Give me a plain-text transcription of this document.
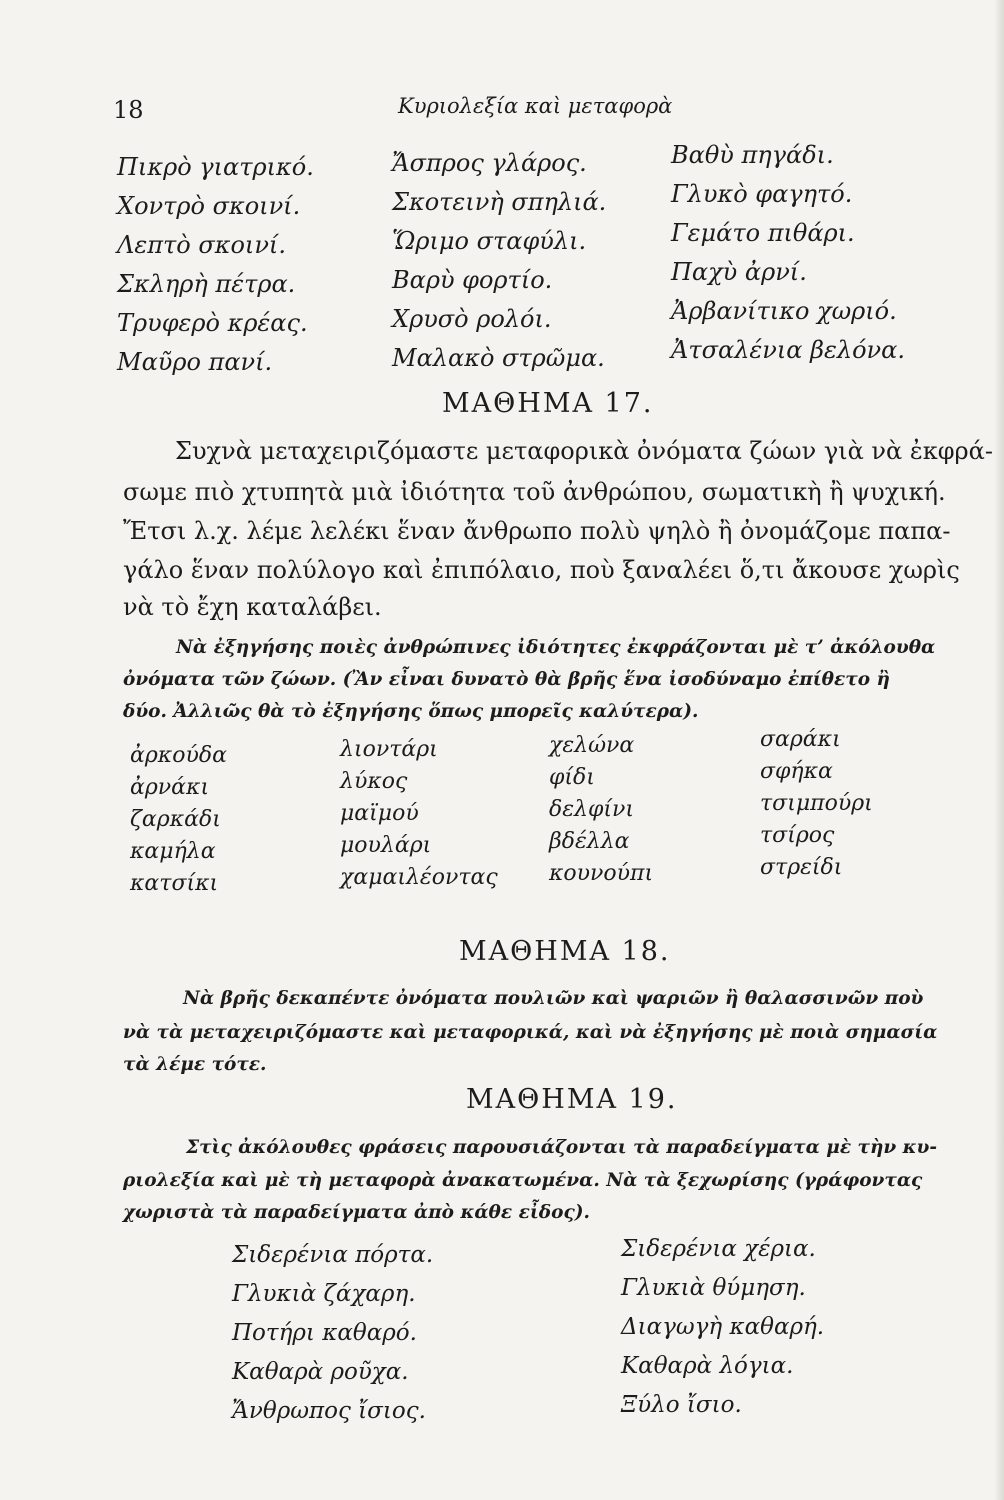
18	Κυριολεξία καὶ μεταφορὰ
Πικρὸ γιατρικό.
Χοντρὸ σκοινί.
Λεπτὸ σκοινί.
Σκληρὴ πέτρα.
Τρυφερὸ κρέας.
Μαῦρο πανί.
Ἄσπρος γλάρος.
Σκοτεινὴ σπηλιά.
Ὥριμο σταφύλι.
Βαρὺ φορτίο.
Χρυσὸ ρολόι.
Μαλακὸ στρῶμα.
Βαθὺ πηγάδι.
Γλυκὸ φαγητό.
Γεμάτο πιθάρι.
Παχὺ ἀρνί.
Ἀρβανίτικο χωριό.
Ἀτσαλένια βελόνα.
ΜΑΘΗΜΑ 17.
Συχνὰ μεταχειριζόμαστε μεταφορικὰ ὀνόματα ζώων γιὰ νὰ ἐκφρά-
σωμε πιὸ χτυπητὰ μιὰ ἰδιότητα τοῦ ἀνθρώπου, σωματικὴ ἢ ψυχική.
Ἔτσι λ.χ. λέμε λελέκι ἕναν ἄνθρωπο πολὺ ψηλὸ ἢ ὀνομάζομε παπα-
γάλο ἕναν πολύλογο καὶ ἐπιπόλαιο, ποὺ ξαναλέει ὅ,τι ἄκουσε χωρὶς
νὰ τὸ ἔχη καταλάβει.
Νὰ ἐξηγήσης ποιὲς ἀνθρώπινες ἰδιότητες ἐκφράζονται μὲ τ’ ἀκόλουθα
ὀνόματα τῶν ζώων. (Ἂν εἶναι δυνατὸ θὰ βρῆς ἕνα ἰσοδύναμο ἐπίθετο ἢ
δύο. Ἀλλιῶς θὰ τὸ ἐξηγήσης ὅπως μπορεῖς καλύτερα).
ἀρκούδα
ἀρνάκι
ζαρκάδι
καμήλα
κατσίκι
λιοντάρι
λύκος
μαϊμού
μουλάρι
χαμαιλέοντας
χελώνα
φίδι
δελφίνι
βδέλλα
κουνούπι
σαράκι
σφήκα
τσιμπούρι
τσίρος
στρείδι
ΜΑΘΗΜΑ 18.
Νὰ βρῆς δεκαπέντε ὀνόματα πουλιῶν καὶ ψαριῶν ἢ θαλασσινῶν ποὺ
νὰ τὰ μεταχειριζόμαστε καὶ μεταφορικά, καὶ νὰ ἐξηγήσης μὲ ποιὰ σημασία
τὰ λέμε τότε.
ΜΑΘΗΜΑ 19.
Στὶς ἀκόλουθες φράσεις παρουσιάζονται τὰ παραδείγματα μὲ τὴν κυ-
ριολεξία καὶ μὲ τὴ μεταφορὰ ἀνακατωμένα. Νὰ τὰ ξεχωρίσης (γράφοντας
χωριστὰ τὰ παραδείγματα ἀπὸ κάθε εἶδος).
Σιδερένια πόρτα.
Γλυκιὰ ζάχαρη.
Ποτήρι καθαρό.
Καθαρὰ ροῦχα.
Ἄνθρωπος ἴσιος.
Σιδερένια χέρια.
Γλυκιὰ θύμηση.
Διαγωγὴ καθαρή.
Καθαρὰ λόγια.
Ξύλο ἴσιο.
